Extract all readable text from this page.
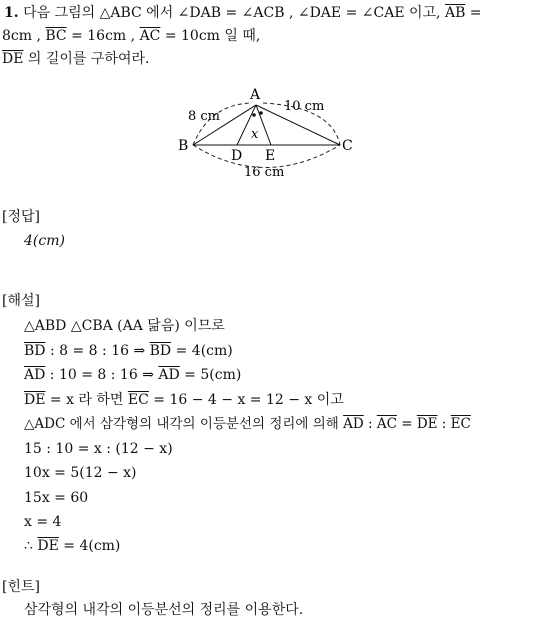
1. 다음 그림의 △ABC 에서 ∠DAB = ∠ACB , ∠DAE = ∠CAE 이고, $\overline{AB}$ =
8cm , $\overline{BC} = 16cm$ , $\overline{AC} = 10cm$ 일 때,
$\overline{DE}$ 의 길이를 구하여라.
A
B	C
D E
x
8 cm
10 cm
16 cm
[정답]
4(cm)
[해설]
△ABD △CBA (AA 닮음) 이므로
$\overline{BD}$ : 8 = 8 : 16 ⇒ $\overline{BD} = 4(cm)$
$\overline{AD}$ : 10 = 8 : 16 ⇒ $\overline{AD} = 5(cm)$
$\overline{DE} = x$ 라 하면 $\overline{EC} = 16 - 4 - x = 12 - x$ 이고
△ADC 에서 삼각형의 내각의 이등분선의 정리에 의해 $\overline{AD}$ : $\overline{AC} = \overline{DE}$ : $\overline{EC}$
15 : 10 = x : (12 − x)
10x = 5(12 − x)
15x = 60
x = 4
∴ $\overline{DE} = 4(cm)$
[힌트]
삼각형의 내각의 이등분선의 정리를 이용한다.
